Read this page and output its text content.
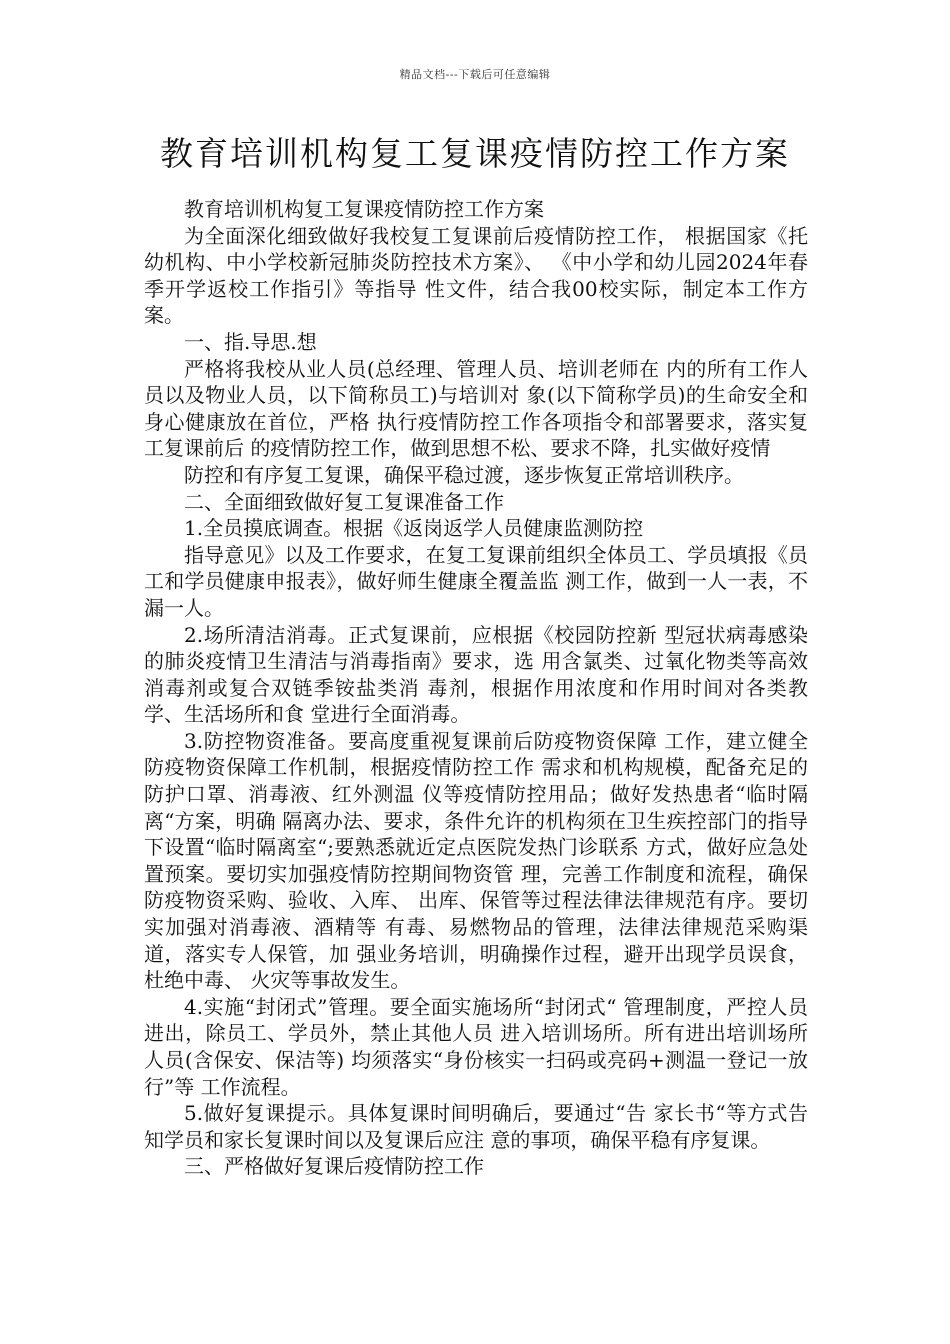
精品文档---下载后可任意编辑
教育培训机构复工复课疫情防控工作方案

教育培训机构复工复课疫情防控工作方案

为全面深化细致做好我校复工复课前后疫情防控工作， 根据国家《托幼机构、中小学校新冠肺炎防控技术方案》、 《中小学和幼儿园2024年春季开学返校工作指引》等指导 性文件，结合我00校实际，制定本工作方案。

一、指.导思.想

严格将我校从业人员(总经理、管理人员、培训老师在 内的所有工作人员以及物业人员，以下简称员工)与培训对 象(以下简称学员)的生命安全和身心健康放在首位，严格 执行疫情防控工作各项指令和部署要求，落实复工复课前后 的疫情防控工作，做到思想不松、要求不降，扎实做好疫情

防控和有序复工复课，确保平稳过渡，逐步恢复正常培训秩序。

二、全面细致做好复工复课准备工作

1.全员摸底调查。根据《返岗返学人员健康监测防控

指导意见》以及工作要求，在复工复课前组织全体员工、学员填报《员工和学员健康申报表》，做好师生健康全覆盖监 测工作，做到一人一表，不漏一人。

2.场所清洁消毒。正式复课前，应根据《校园防控新 型冠状病毒感染的肺炎疫情卫生清洁与消毒指南》要求，选 用含氯类、过氧化物类等高效消毒剂或复合双链季铵盐类消 毒剂，根据作用浓度和作用时间对各类教学、生活场所和食 堂进行全面消毒。

3.防控物资准备。要高度重视复课前后防疫物资保障 工作，建立健全防疫物资保障工作机制，根据疫情防控工作 需求和机构规模，配备充足的防护口罩、消毒液、红外测温 仪等疫情防控用品；做好发热患者“临时隔离“方案，明确 隔离办法、要求，条件允许的机构须在卫生疾控部门的指导 下设置“临时隔离室“;要熟悉就近定点医院发热门诊联系 方式，做好应急处置预案。要切实加强疫情防控期间物资管 理，完善工作制度和流程，确保防疫物资采购、验收、入库、 出库、保管等过程法律法律规范有序。要切实加强对消毒液、酒精等 有毒、易燃物品的管理，法律法律规范采购渠道，落实专人保管，加 强业务培训，明确操作过程，避开出现学员误食，杜绝中毒、 火灾等事故发生。

4.实施“封闭式”管理。要全面实施场所“封闭式“ 管理制度，严控人员进出，除员工、学员外，禁止其他人员 进入培训场所。所有进出培训场所人员(含保安、保洁等) 均须落实“身份核实一扫码或亮码+测温一登记一放行”等 工作流程。

5.做好复课提示。具体复课时间明确后，要通过“告 家长书“等方式告知学员和家长复课时间以及复课后应注 意的事项，确保平稳有序复课。

三、严格做好复课后疫情防控工作
